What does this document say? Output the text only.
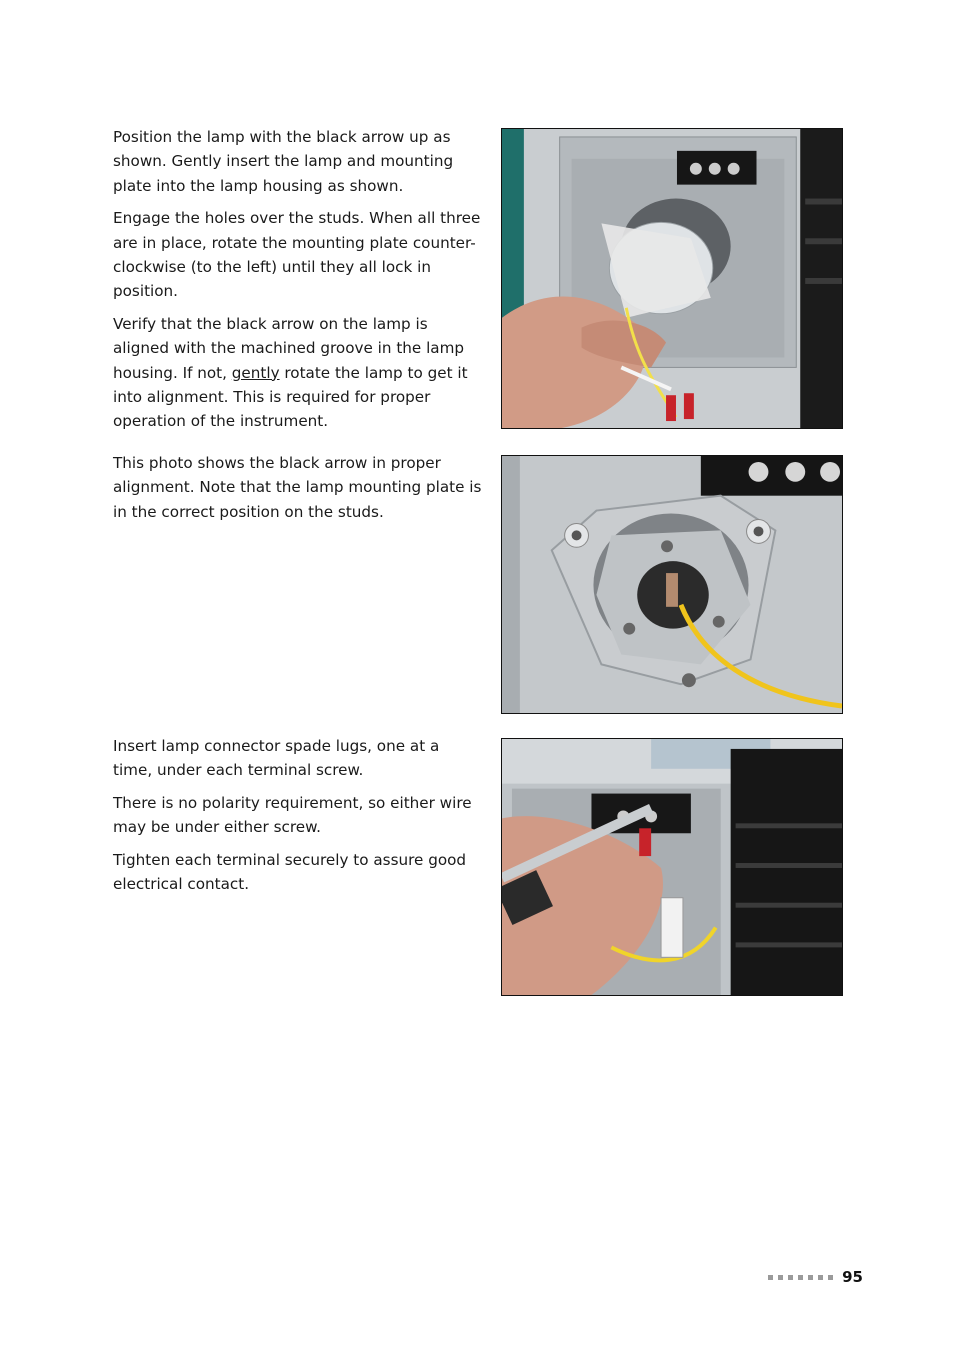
Position the lamp with the black arrow up as shown. Gently insert the lamp and mounting plate into the lamp housing as shown.

Engage the holes over the studs. When all three are in place, rotate the mounting plate counter-clockwise (to the left) until they all lock in position.

Verify that the black arrow on the lamp is aligned with the machined groove in the lamp housing. If not, gently rotate the lamp to get it into alignment. This is required for proper operation of the instrument.

This photo shows the black arrow in proper alignment. Note that the lamp mounting plate is in the correct position on the studs.

Insert lamp connector spade lugs, one at a time, under each terminal screw.

There is no polarity requirement, so either wire may be under either screw.

Tighten each terminal securely to assure good electrical contact.

95
